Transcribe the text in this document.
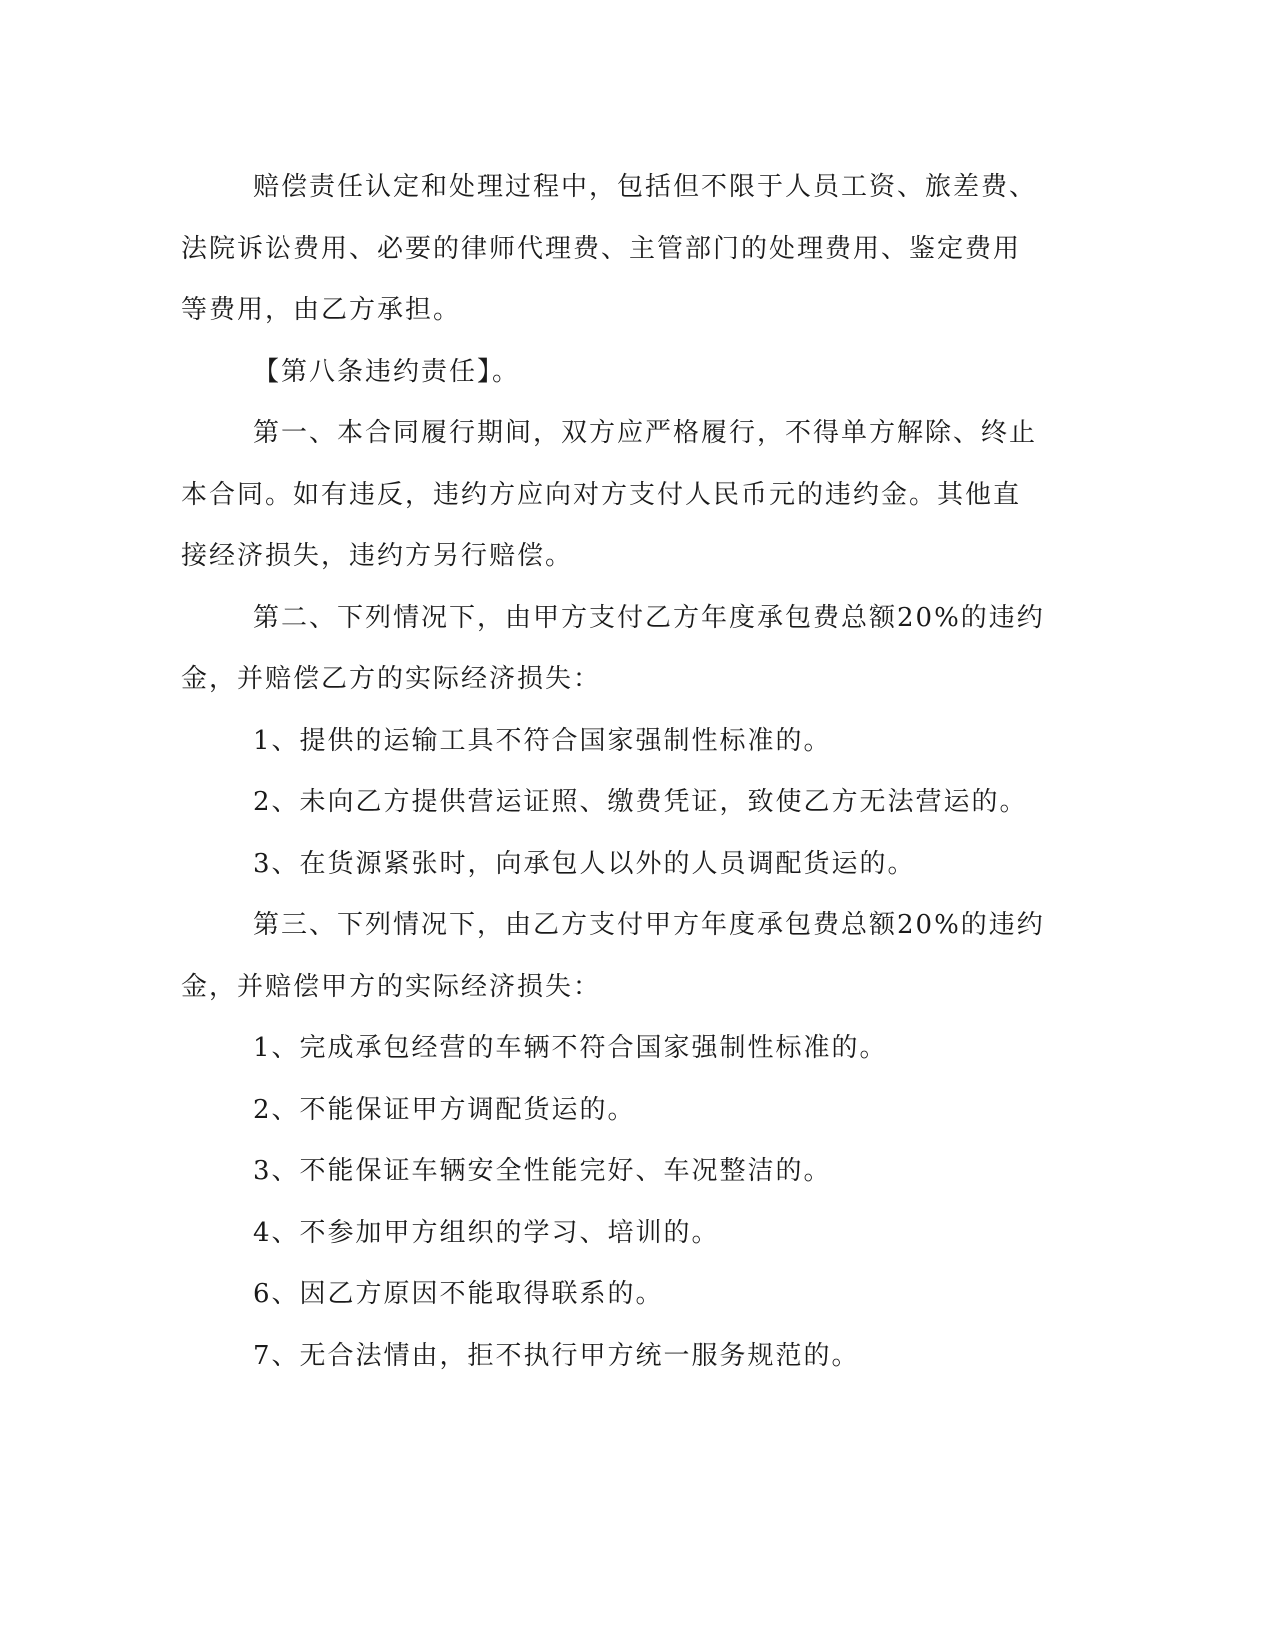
赔偿责任认定和处理过程中，包括但不限于人员工资、旅差费、
法院诉讼费用、必要的律师代理费、主管部门的处理费用、鉴定费用
等费用，由乙方承担。
【第八条违约责任】。
第一、本合同履行期间，双方应严格履行，不得单方解除、终止
本合同。如有违反，违约方应向对方支付人民币元的违约金。其他直
接经济损失，违约方另行赔偿。
第二、下列情况下，由甲方支付乙方年度承包费总额20%的违约
金，并赔偿乙方的实际经济损失：
1、提供的运输工具不符合国家强制性标准的。
2、未向乙方提供营运证照、缴费凭证，致使乙方无法营运的。
3、在货源紧张时，向承包人以外的人员调配货运的。
第三、下列情况下，由乙方支付甲方年度承包费总额20%的违约
金，并赔偿甲方的实际经济损失：
1、完成承包经营的车辆不符合国家强制性标准的。
2、不能保证甲方调配货运的。
3、不能保证车辆安全性能完好、车况整洁的。
4、不参加甲方组织的学习、培训的。
6、因乙方原因不能取得联系的。
7、无合法情由，拒不执行甲方统一服务规范的。
